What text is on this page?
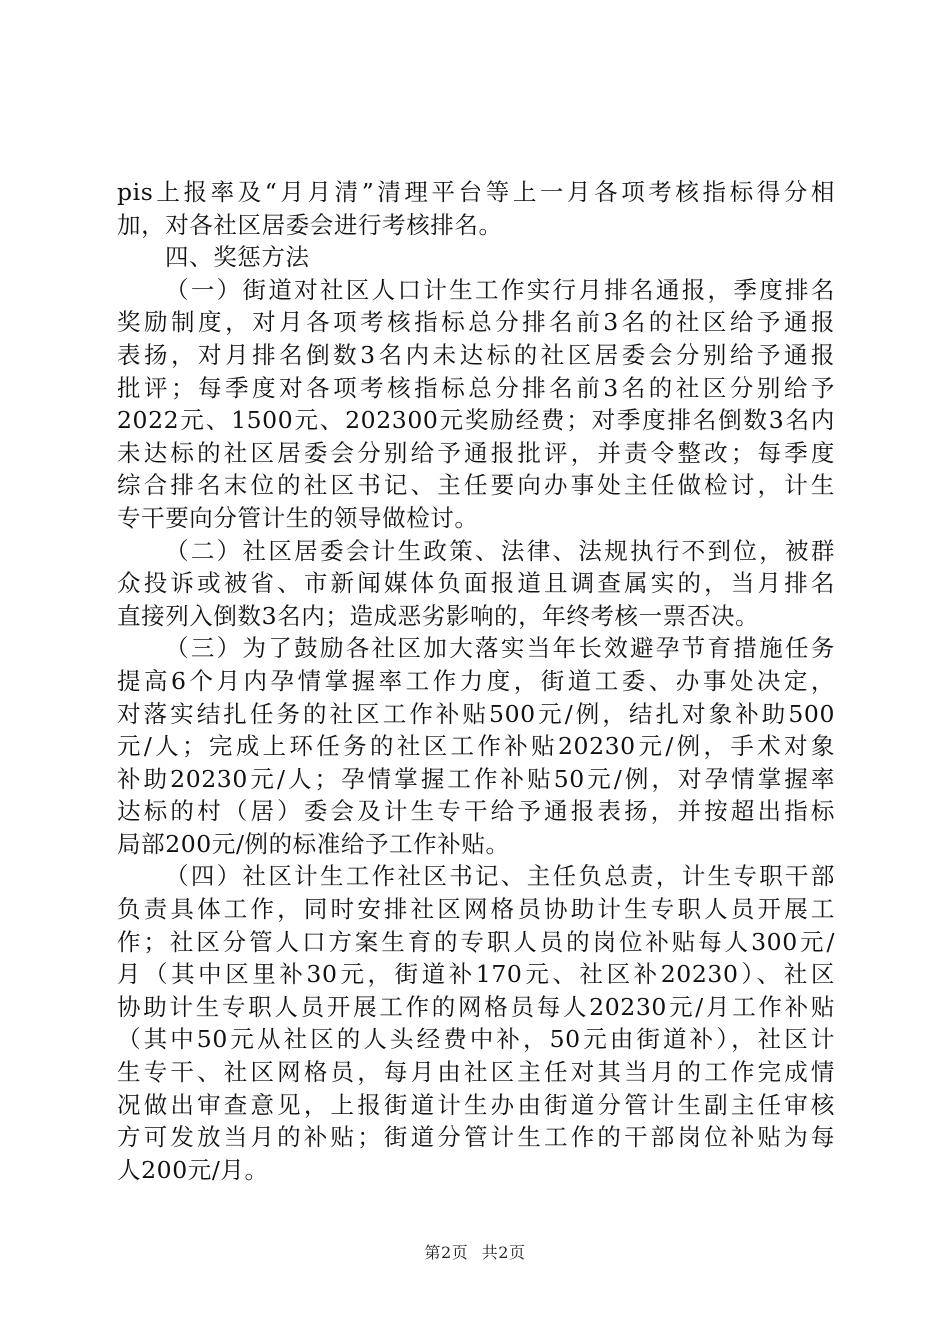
pis上报率及“月月清”清理平台等上一月各项考核指标得分相
加，对各社区居委会进行考核排名。
四、奖惩方法
（一）街道对社区人口计生工作实行月排名通报，季度排名
奖励制度，对月各项考核指标总分排名前3名的社区给予通报
表扬，对月排名倒数3名内未达标的社区居委会分别给予通报
批评；每季度对各项考核指标总分排名前3名的社区分别给予
2022元、1500元、202300元奖励经费；对季度排名倒数3名内
未达标的社区居委会分别给予通报批评，并责令整改；每季度
综合排名末位的社区书记、主任要向办事处主任做检讨，计生
专干要向分管计生的领导做检讨。
（二）社区居委会计生政策、法律、法规执行不到位，被群
众投诉或被省、市新闻媒体负面报道且调查属实的，当月排名
直接列入倒数3名内；造成恶劣影响的，年终考核一票否决。
（三）为了鼓励各社区加大落实当年长效避孕节育措施任务
提高6个月内孕情掌握率工作力度，街道工委、办事处决定，
对落实结扎任务的社区工作补贴500元/例，结扎对象补助500
元/人；完成上环任务的社区工作补贴20230元/例，手术对象
补助20230元/人；孕情掌握工作补贴50元/例，对孕情掌握率
达标的村（居）委会及计生专干给予通报表扬，并按超出指标
局部200元/例的标准给予工作补贴。
（四）社区计生工作社区书记、主任负总责，计生专职干部
负责具体工作，同时安排社区网格员协助计生专职人员开展工
作；社区分管人口方案生育的专职人员的岗位补贴每人300元/
月（其中区里补30元，街道补170元、社区补20230）、社区
协助计生专职人员开展工作的网格员每人20230元/月工作补贴
（其中50元从社区的人头经费中补，50元由街道补），社区计
生专干、社区网格员，每月由社区主任对其当月的工作完成情
况做出审查意见，上报街道计生办由街道分管计生副主任审核
方可发放当月的补贴；街道分管计生工作的干部岗位补贴为每
人200元/月。
第2页 共2页
